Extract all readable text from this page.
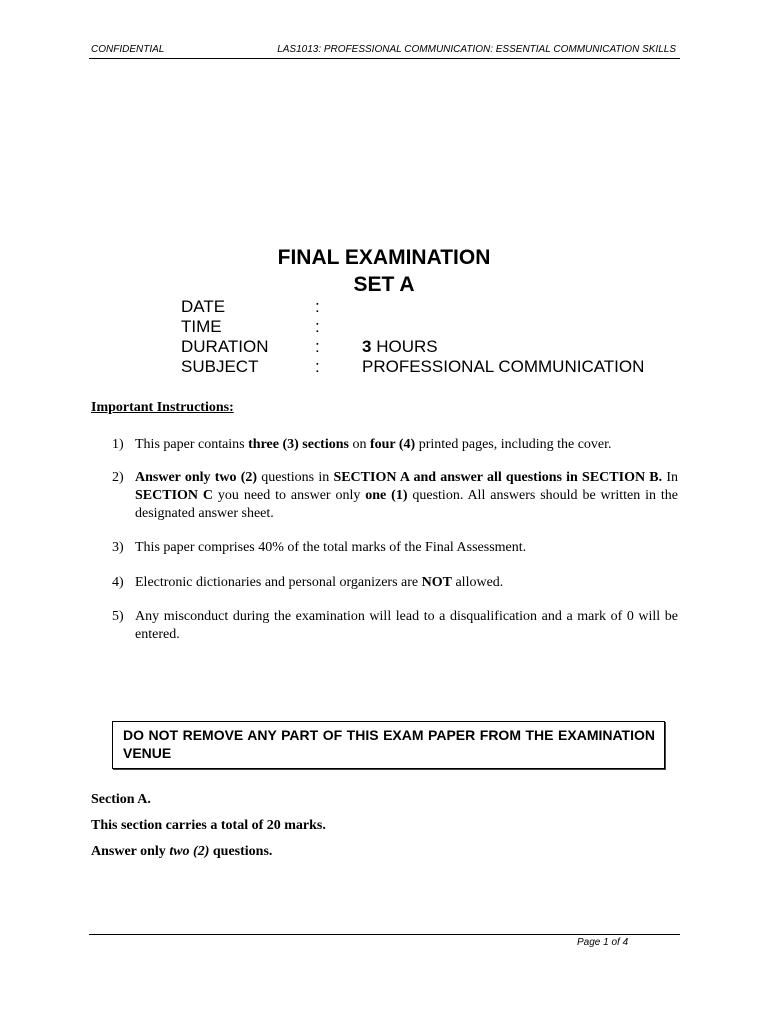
CONFIDENTIAL	LAS1013: PROFESSIONAL COMMUNICATION: ESSENTIAL COMMUNICATION SKILLS
FINAL EXAMINATION
SET A
DATE	:
TIME	:
DURATION	: 3 HOURS
SUBJECT	: PROFESSIONAL COMMUNICATION
Important Instructions:
1) This paper contains three (3) sections on four (4) printed pages, including the cover.
2) Answer only two (2) questions in SECTION A and answer all questions in SECTION B. In SECTION C you need to answer only one (1) question. All answers should be written in the designated answer sheet.
3) This paper comprises 40% of the total marks of the Final Assessment.
4) Electronic dictionaries and personal organizers are NOT allowed.
5) Any misconduct during the examination will lead to a disqualification and a mark of 0 will be entered.
DO NOT REMOVE ANY PART OF THIS EXAM PAPER FROM THE EXAMINATION VENUE
Section A.
This section carries a total of 20 marks.
Answer only two (2) questions.
Page 1 of 4
